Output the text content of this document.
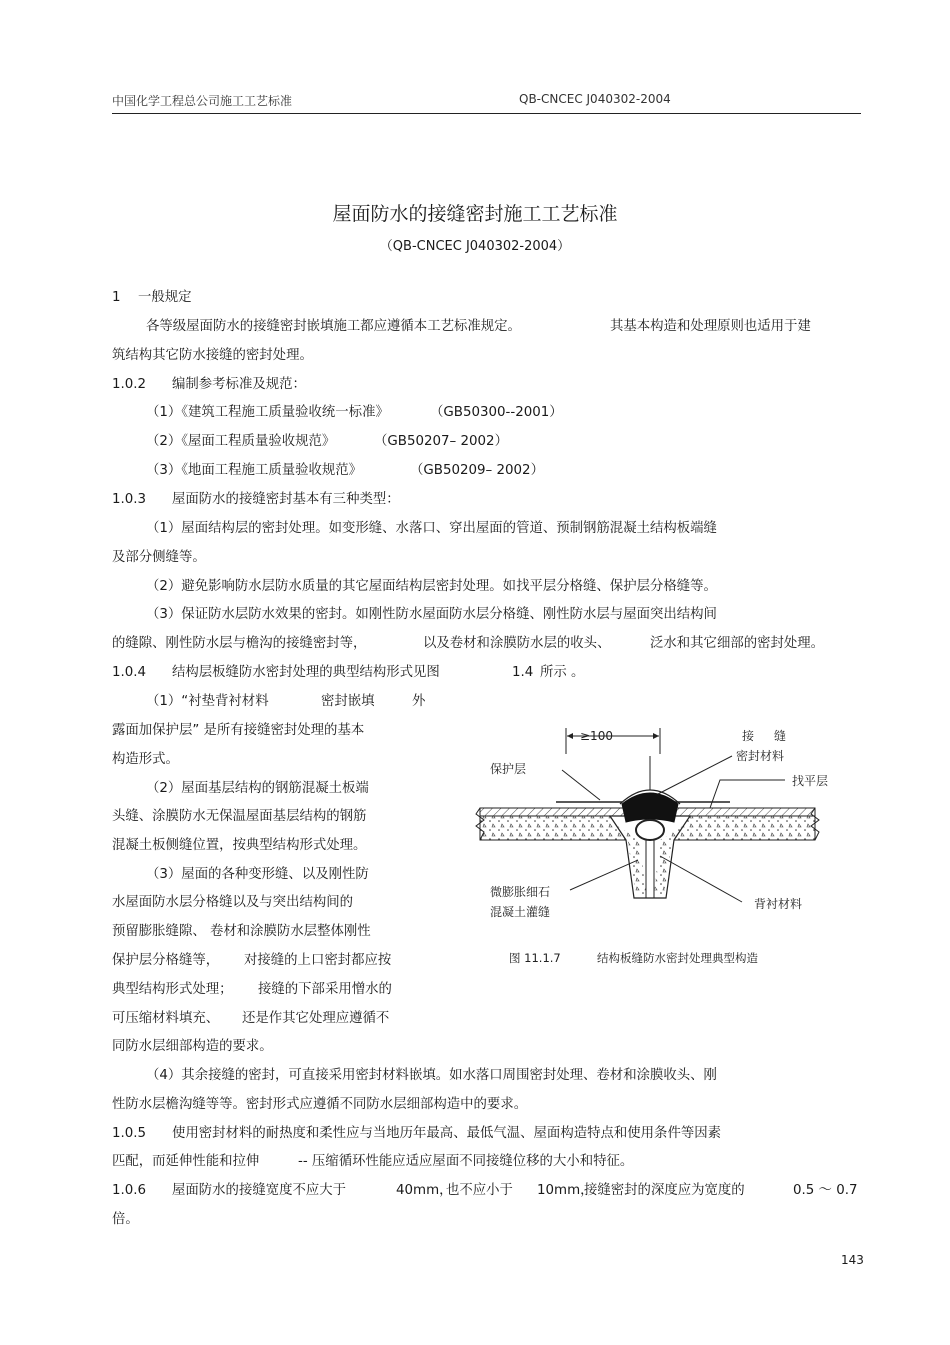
中国化学工程总公司施工工艺标准	QB-CNCEC J040302-2004
屋面防水的接缝密封施工工艺标准
（QB-CNCEC J040302-2004）
1 一般规定
各等级屋面防水的接缝密封嵌填施工都应遵循本工艺标准规定。	其基本构造和处理原则也适用于建
筑结构其它防水接缝的密封处理。
1.0.2 编制参考标准及规范：
（1）《建筑工程施工质量验收统一标准》	（GB50300--2001）
（2）《屋面工程质量验收规范》	（GB50207– 2002）
（3）《地面工程施工质量验收规范》	（GB50209– 2002）
1.0.3 屋面防水的接缝密封基本有三种类型：
（1）屋面结构层的密封处理。如变形缝、水落口、穿出屋面的管道、预制钢筋混凝土结构板端缝
及部分侧缝等。
（2）避免影响防水层防水质量的其它屋面结构层密封处理。如找平层分格缝、保护层分格缝等。
（3）保证防水层防水效果的密封。如刚性防水屋面防水层分格缝、刚性防水层与屋面突出结构间
的缝隙、刚性防水层与檐沟的接缝密封等，	以及卷材和涂膜防水层的收头、	泛水和其它细部的密封处理。
1.0.4 结构层板缝防水密封处理的典型结构形式见图	1.4 所示 。
（1）“衬垫背衬材料	密封嵌填	外
露面加保护层” 是所有接缝密封处理的基本
构造形式。
（2）屋面基层结构的钢筋混凝土板端
头缝、涂膜防水无保温屋面基层结构的钢筋
混凝土板侧缝位置，按典型结构形式处理。
（3）屋面的各种变形缝、以及刚性防
水屋面防水层分格缝以及与突出结构间的
预留膨胀缝隙、 卷材和涂膜防水层整体刚性
保护层分格缝等， 对接缝的上口密封都应按
典型结构形式处理； 接缝的下部采用憎水的
可压缩材料填充、 还是作其它处理应遵循不
同防水层细部构造的要求。
（4）其余接缝的密封，可直接采用密封材料嵌填。如水落口周围密封处理、卷材和涂膜收头、刚
性防水层檐沟缝等等。密封形式应遵循不同防水层细部构造中的要求。
≥100	接 缝
密封材料
保护层
找平层
微膨胀细石
混凝土灌缝
背衬材料
图 11.1.7	结构板缝防水密封处理典型构造
1.0.5 使用密封材料的耐热度和柔性应与当地历年最高、最低气温、屋面构造特点和使用条件等因素
匹配，而延伸性能和拉伸	-- 压缩循环性能应适应屋面不同接缝位移的大小和特征。
1.0.6 屋面防水的接缝宽度不应大于	40mm，
也不应小于 10mm，
接缝密封的深度应为宽度的	0.5 ～ 0.7
倍。
143
